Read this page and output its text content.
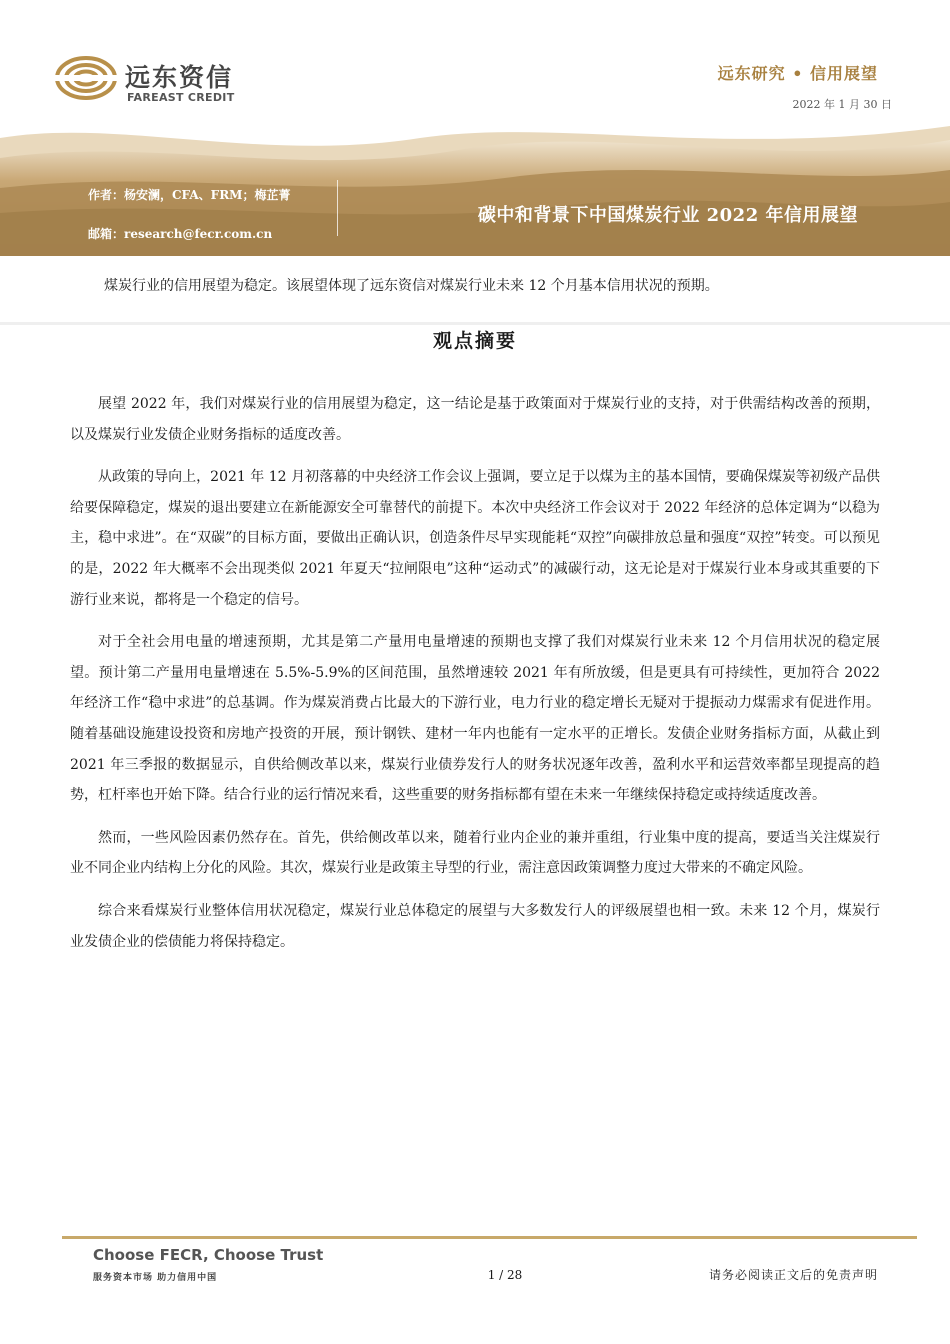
远东资信
FAREAST CREDIT
远东研究 • 信用展望
2022 年 1 月 30 日
作者：杨安澜，CFA、FRM；梅芷菁
邮箱：research@fecr.com.cn
碳中和背景下中国煤炭行业 2022 年信用展望
煤炭行业的信用展望为稳定。该展望体现了远东资信对煤炭行业未来 12 个月基本信用状况的预期。
观点摘要

展望 2022 年，我们对煤炭行业的信用展望为稳定，这一结论是基于政策面对于煤炭行业的支持，对于供需结构改善的预期，以及煤炭行业发债企业财务指标的适度改善。

从政策的导向上，2021 年 12 月初落幕的中央经济工作会议上强调，要立足于以煤为主的基本国情，要确保煤炭等初级产品供给要保障稳定，煤炭的退出要建立在新能源安全可靠替代的前提下。本次中央经济工作会议对于 2022 年经济的总体定调为“以稳为主，稳中求进”。在“双碳”的目标方面，要做出正确认识，创造条件尽早实现能耗“双控”向碳排放总量和强度“双控”转变。可以预见的是，2022 年大概率不会出现类似 2021 年夏天“拉闸限电”这种“运动式”的减碳行动，这无论是对于煤炭行业本身或其重要的下游行业来说，都将是一个稳定的信号。

对于全社会用电量的增速预期，尤其是第二产量用电量增速的预期也支撑了我们对煤炭行业未来 12 个月信用状况的稳定展望。预计第二产量用电量增速在 5.5%-5.9%的区间范围，虽然增速较 2021 年有所放缓，但是更具有可持续性，更加符合 2022 年经济工作“稳中求进”的总基调。作为煤炭消费占比最大的下游行业，电力行业的稳定增长无疑对于提振动力煤需求有促进作用。随着基础设施建设投资和房地产投资的开展，预计钢铁、建材一年内也能有一定水平的正增长。发债企业财务指标方面，从截止到 2021 年三季报的数据显示，自供给侧改革以来，煤炭行业债券发行人的财务状况逐年改善，盈利水平和运营效率都呈现提高的趋势，杠杆率也开始下降。结合行业的运行情况来看，这些重要的财务指标都有望在未来一年继续保持稳定或持续适度改善。

然而，一些风险因素仍然存在。首先，供给侧改革以来，随着行业内企业的兼并重组，行业集中度的提高，要适当关注煤炭行业不同企业内结构上分化的风险。其次，煤炭行业是政策主导型的行业，需注意因政策调整力度过大带来的不确定风险。

综合来看煤炭行业整体信用状况稳定，煤炭行业总体稳定的展望与大多数发行人的评级展望也相一致。未来 12 个月，煤炭行业发债企业的偿债能力将保持稳定。

Choose FECR, Choose Trust
服务资本市场 助力信用中国	1 / 28	请务必阅读正文后的免责声明
